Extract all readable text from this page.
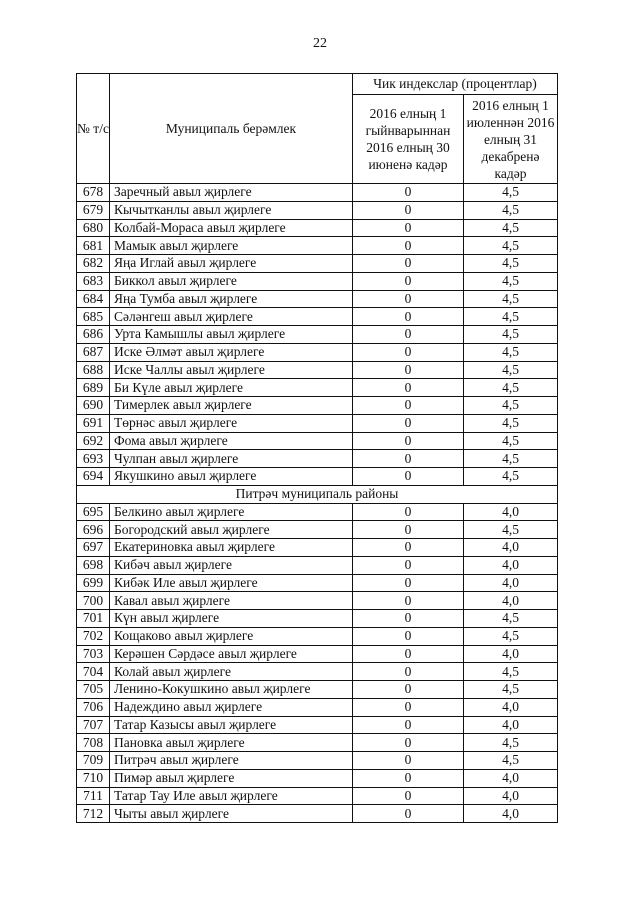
22
№ т/с	Муниципаль берәмлек	Чик индекслар (процентлар)	
		2016 елның 1 гыйнварыннан 2016 елның 30 июненә кадәр	2016 елның 1 июленнән 2016 елның 31 декабренә кадәр
678	Заречный авыл җирлеге	0	4,5
679	Кычытканлы авыл җирлеге	0	4,5
680	Колбай-Мораса авыл җирлеге	0	4,5
681	Мамык авыл җирлеге	0	4,5
682	Яңа Иглай авыл җирлеге	0	4,5
683	Биккол авыл җирлеге	0	4,5
684	Яңа Тумба авыл җирлеге	0	4,5
685	Сәләнгеш авыл җирлеге	0	4,5
686	Урта Камышлы авыл җирлеге	0	4,5
687	Иске Әлмәт авыл җирлеге	0	4,5
688	Иске Чаллы авыл җирлеге	0	4,5
689	Би Күле авыл җирлеге	0	4,5
690	Тимерлек авыл җирлеге	0	4,5
691	Төрнәс авыл җирлеге	0	4,5
692	Фома авыл җирлеге	0	4,5
693	Чулпан авыл җирлеге	0	4,5
694	Якушкино авыл җирлеге	0	4,5
Питрәч муниципаль районы			
695	Белкино авыл җирлеге	0	4,0
696	Богородский авыл җирлеге	0	4,5
697	Екатериновка авыл җирлеге	0	4,0
698	Кибәч авыл җирлеге	0	4,0
699	Кибәк Иле авыл җирлеге	0	4,0
700	Кавал авыл җирлеге	0	4,0
701	Күн авыл җирлеге	0	4,5
702	Кощаково авыл җирлеге	0	4,5
703	Керәшен Сәрдәсе авыл җирлеге	0	4,0
704	Колай авыл җирлеге	0	4,5
705	Ленино-Кокушкино авыл җирлеге	0	4,5
706	Надеждино авыл җирлеге	0	4,0
707	Татар Казысы авыл җирлеге	0	4,0
708	Пановка авыл җирлеге	0	4,5
709	Питрәч авыл җирлеге	0	4,5
710	Пимәр авыл җирлеге	0	4,0
711	Татар Тау Иле авыл җирлеге	0	4,0
712	Чыты авыл җирлеге	0	4,0
